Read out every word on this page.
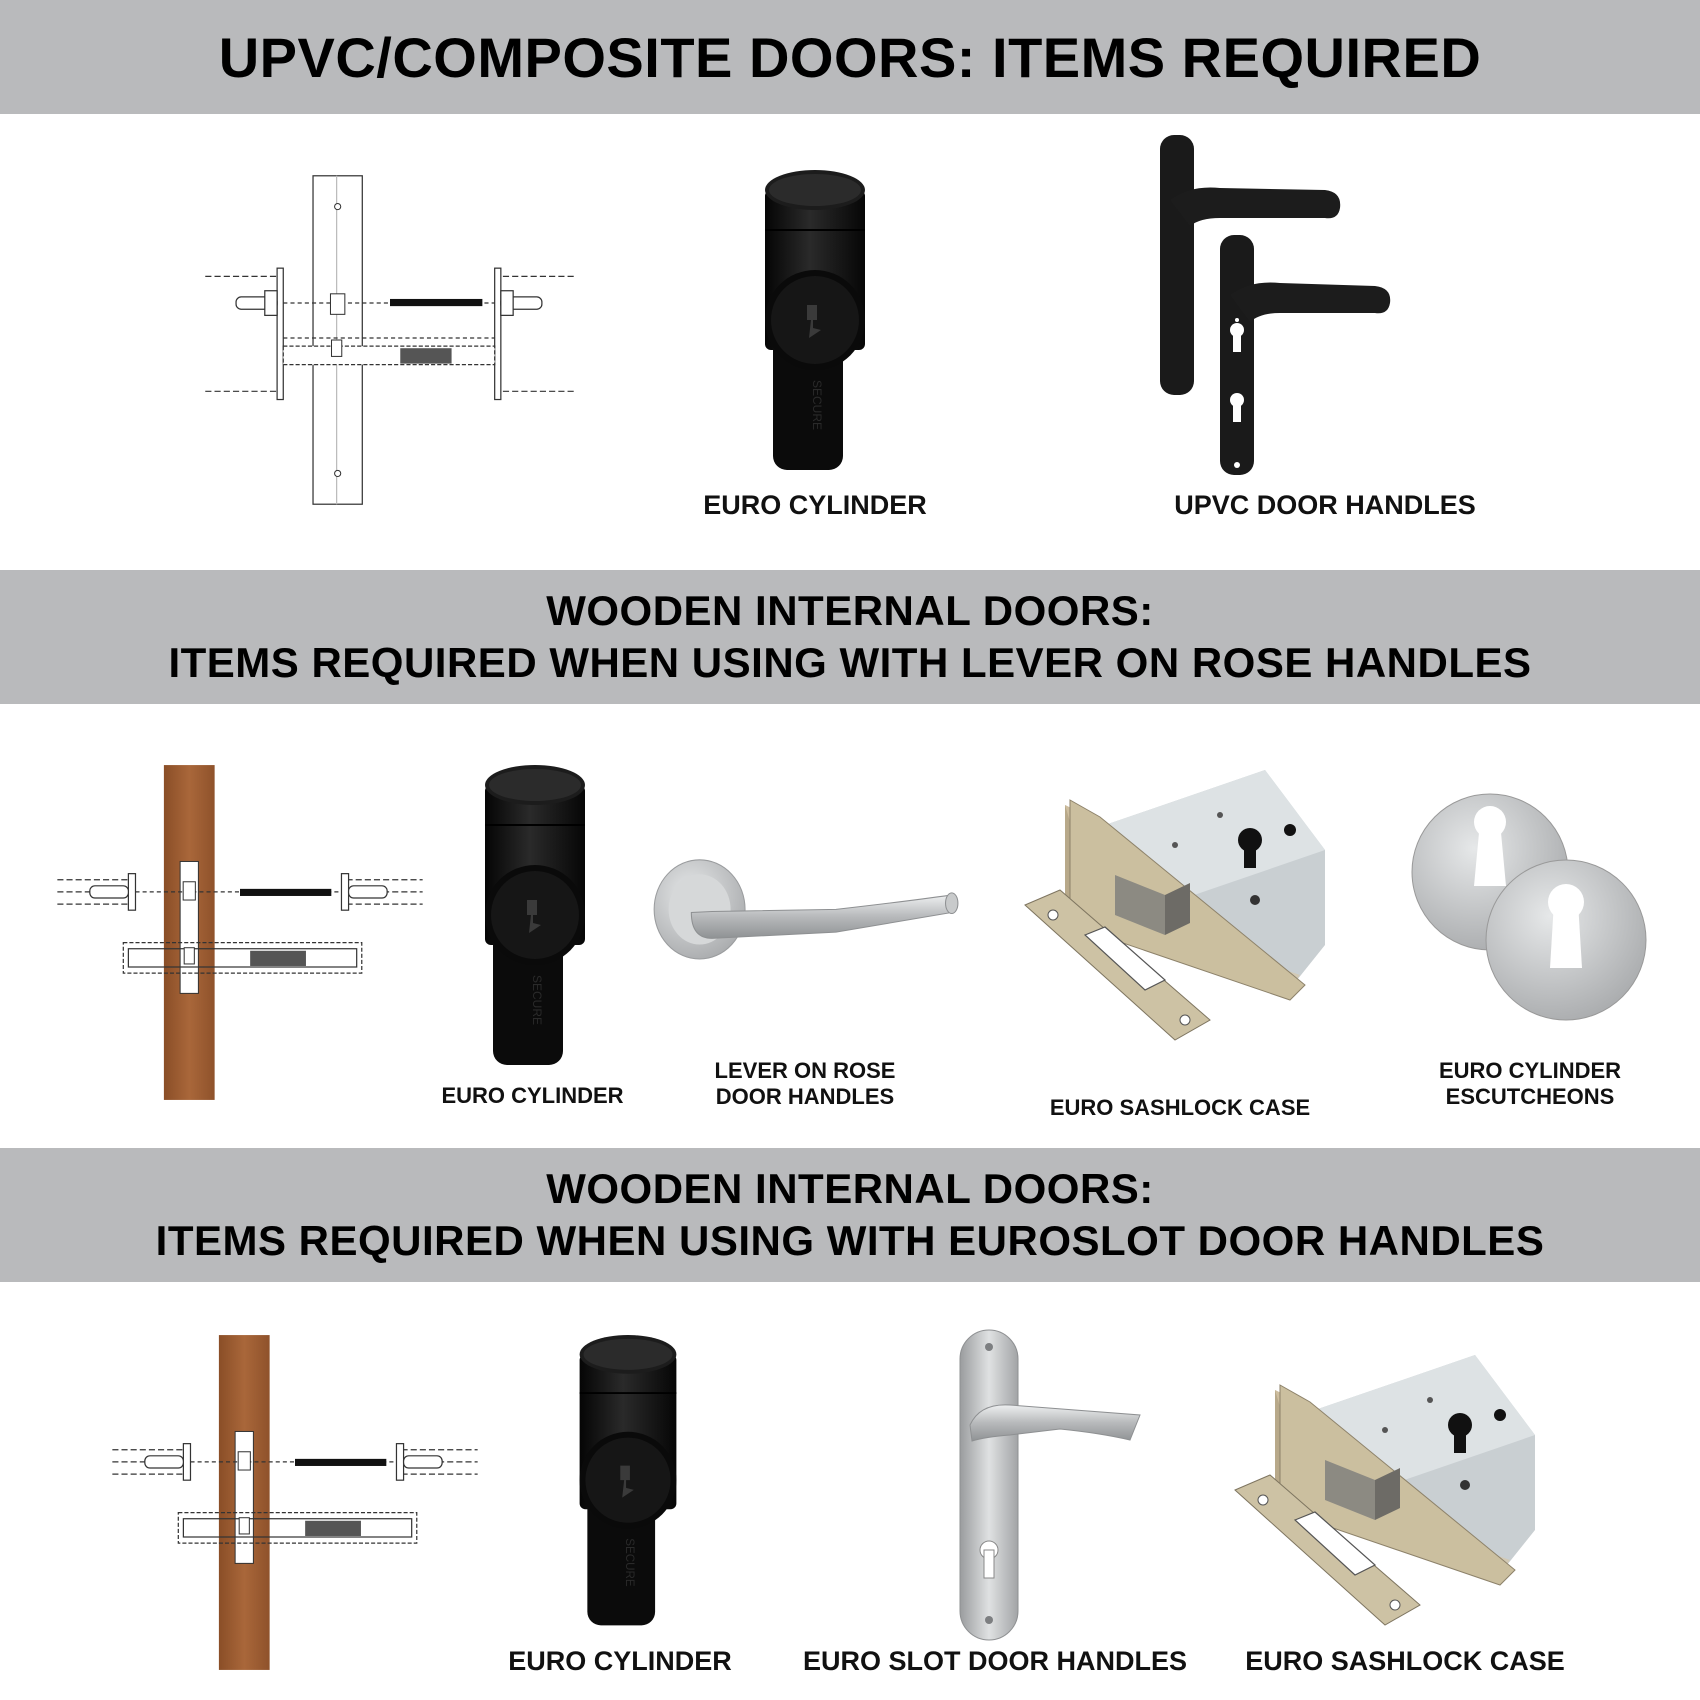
UPVC/COMPOSITE DOORS: ITEMS REQUIRED
EURO CYLINDER	UPVC DOOR HANDLES
WOODEN INTERNAL DOORS:
ITEMS REQUIRED WHEN USING WITH LEVER ON ROSE HANDLES
EURO CYLINDER
LEVER ON ROSE
DOOR HANDLES	EURO SASHLOCK CASE
EURO CYLINDER
ESCUTCHEONS
WOODEN INTERNAL DOORS:
ITEMS REQUIRED WHEN USING WITH EUROSLOT DOOR HANDLES
EURO CYLINDER	EURO SLOT DOOR HANDLES EURO SASHLOCK CASE
